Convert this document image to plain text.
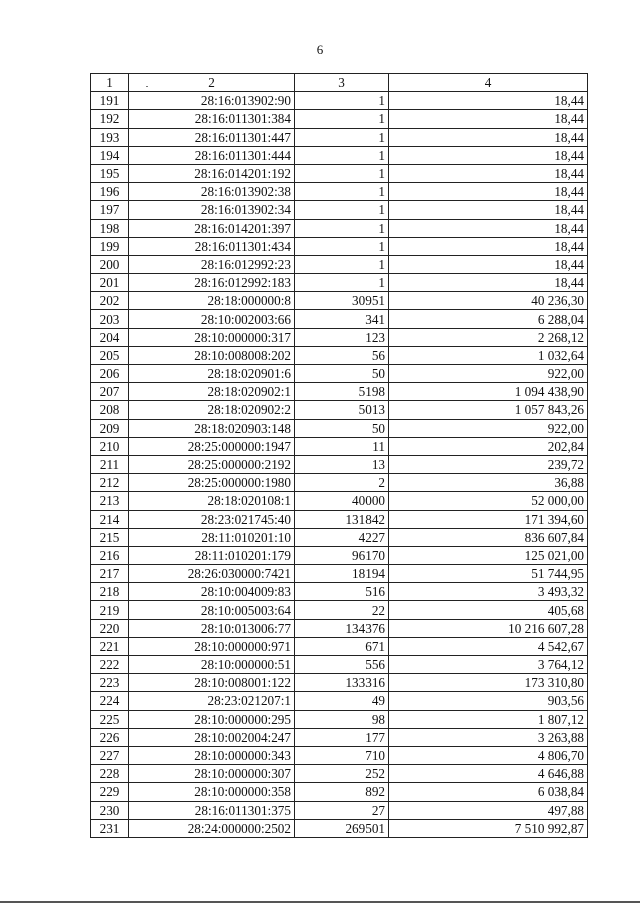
6
1	2	3	4
191	28:16:013902:90	1	18,44
192	28:16:011301:384	1	18,44
193	28:16:011301:447	1	18,44
194	28:16:011301:444	1	18,44
195	28:16:014201:192	1	18,44
196	28:16:013902:38	1	18,44
197	28:16:013902:34	1	18,44
198	28:16:014201:397	1	18,44
199	28:16:011301:434	1	18,44
200	28:16:012992:23	1	18,44
201	28:16:012992:183	1	18,44
202	28:18:000000:8	30951	40 236,30
203	28:10:002003:66	341	6 288,04
204	28:10:000000:317	123	2 268,12
205	28:10:008008:202	56	1 032,64
206	28:18:020901:6	50	922,00
207	28:18:020902:1	5198	1 094 438,90
208	28:18:020902:2	5013	1 057 843,26
209	28:18:020903:148	50	922,00
210	28:25:000000:1947	11	202,84
211	28:25:000000:2192	13	239,72
212	28:25:000000:1980	2	36,88
213	28:18:020108:1	40000	52 000,00
214	28:23:021745:40	131842	171 394,60
215	28:11:010201:10	4227	836 607,84
216	28:11:010201:179	96170	125 021,00
217	28:26:030000:7421	18194	51 744,95
218	28:10:004009:83	516	3 493,32
219	28:10:005003:64	22	405,68
220	28:10:013006:77	134376	10 216 607,28
221	28:10:000000:971	671	4 542,67
222	28:10:000000:51	556	3 764,12
223	28:10:008001:122	133316	173 310,80
224	28:23:021207:1	49	903,56
225	28:10:000000:295	98	1 807,12
226	28:10:002004:247	177	3 263,88
227	28:10:000000:343	710	4 806,70
228	28:10:000000:307	252	4 646,88
229	28:10:000000:358	892	6 038,84
230	28:16:011301:375	27	497,88
231	28:24:000000:2502	269501	7 510 992,87
